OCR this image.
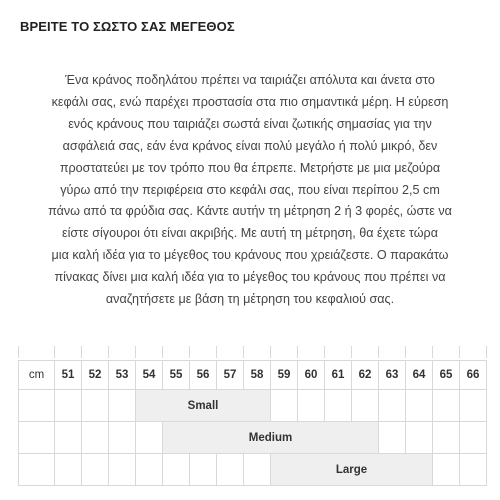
ΒΡΕΙΤΕ ΤΟ ΣΩΣΤΟ ΣΑΣ ΜΕΓΕΘΟΣ

Ένα κράνος ποδηλάτου πρέπει να ταιριάζει απόλυτα και άνετα στο
κεφάλι σας, ενώ παρέχει προστασία στα πιο σημαντικά μέρη. Η εύρεση
ενός κράνους που ταιριάζει σωστά είναι ζωτικής σημασίας για την
ασφάλειά σας, εάν ένα κράνος είναι πολύ μεγάλο ή πολύ μικρό, δεν
προστατεύει με τον τρόπο που θα έπρεπε. Μετρήστε με μια μεζούρα
γύρω από την περιφέρεια στο κεφάλι σας, που είναι περίπου 2,5 cm
πάνω από τα φρύδια σας. Κάντε αυτήν τη μέτρηση 2 ή 3 φορές, ώστε να
είστε σίγουροι ότι είναι ακριβής. Με αυτή τη μέτρηση, θα έχετε τώρα
μια καλή ιδέα για το μέγεθος του κράνους που χρειάζεστε. Ο παρακάτω
πίνακας δίνει μια καλή ιδέα για το μέγεθος του κράνους που πρέπει να
αναζητήσετε με βάση τη μέτρηση του κεφαλιού σας.

cm	51	52	53	54	55	56	57	58	59	60	61	62	63	64	65	66
				Small												
					Medium											
									Large							
